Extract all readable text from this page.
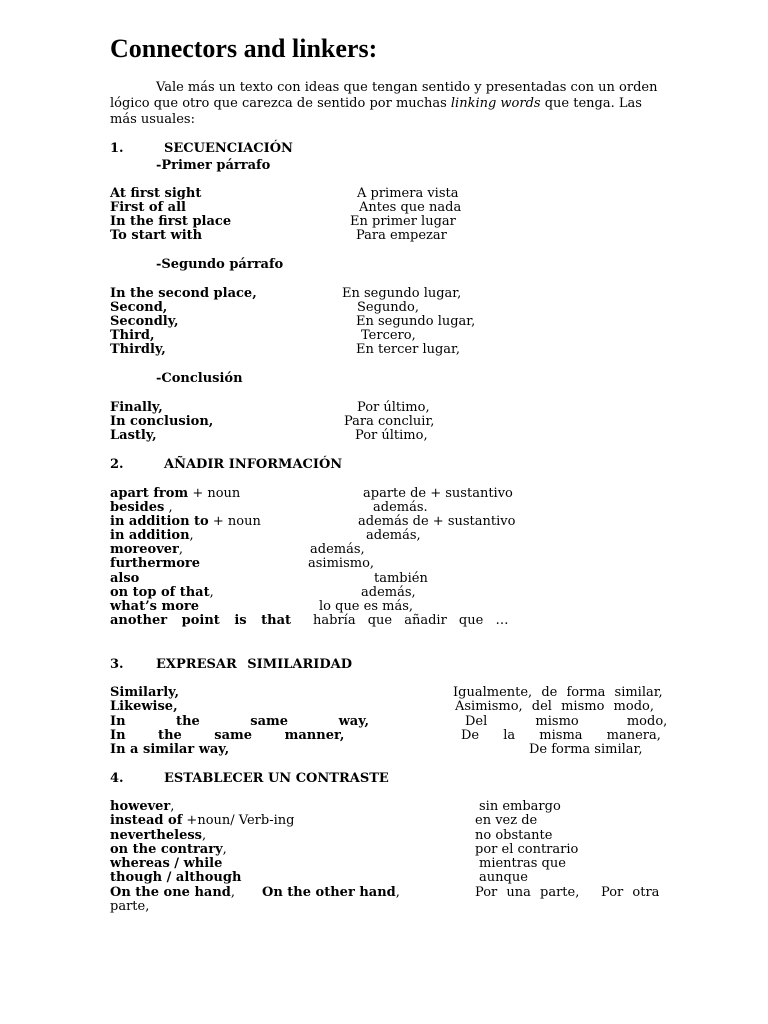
Connectors and linkers:

Vale más un texto con ideas que tengan sentido y presentadas con un orden lógico que otro que carezca de sentido por muchas linking words que tenga. Las más usuales:

1.	SECUENCIACIÓN
-Primer párrafo
At first sight	A primera vista
First of all	Antes que nada
In the first place	En primer lugar
To start with	Para empezar
-Segundo párrafo
In the second place,	En segundo lugar,
Second,	Segundo,
Secondly,	En segundo lugar,
Third,	Tercero,
Thirdly,	En tercer lugar,
-Conclusión
Finally,	Por último,
In conclusion,	Para concluir,
Lastly,	Por último,
2.	AÑADIR INFORMACIÓN
apart from + noun	aparte de + sustantivo
besides ,	además.
in addition to + noun	además de + sustantivo
in addition,	además,
moreover,	además,
furthermore	asimismo,
also	también
on top of that,	además,
what’s more	lo que es más,
another point is that habría que añadir que …
3. EXPRESAR SIMILARIDAD
Similarly,	Igualmente, de forma similar,
Likewise,	Asimismo, del mismo modo,
In the same way,	Del mismo modo,
In the same manner,	De la misma manera,
In a similar way,	De forma similar,
4.	ESTABLECER UN CONTRASTE
however,	sin embargo
instead of +noun/ Verb-ing	en vez de
nevertheless,	no obstante
on the contrary,	por el contrario
whereas / while	mientras que
though / although	aunque
On the one hand, On the other hand,	Por una parte, Por otra
parte,
